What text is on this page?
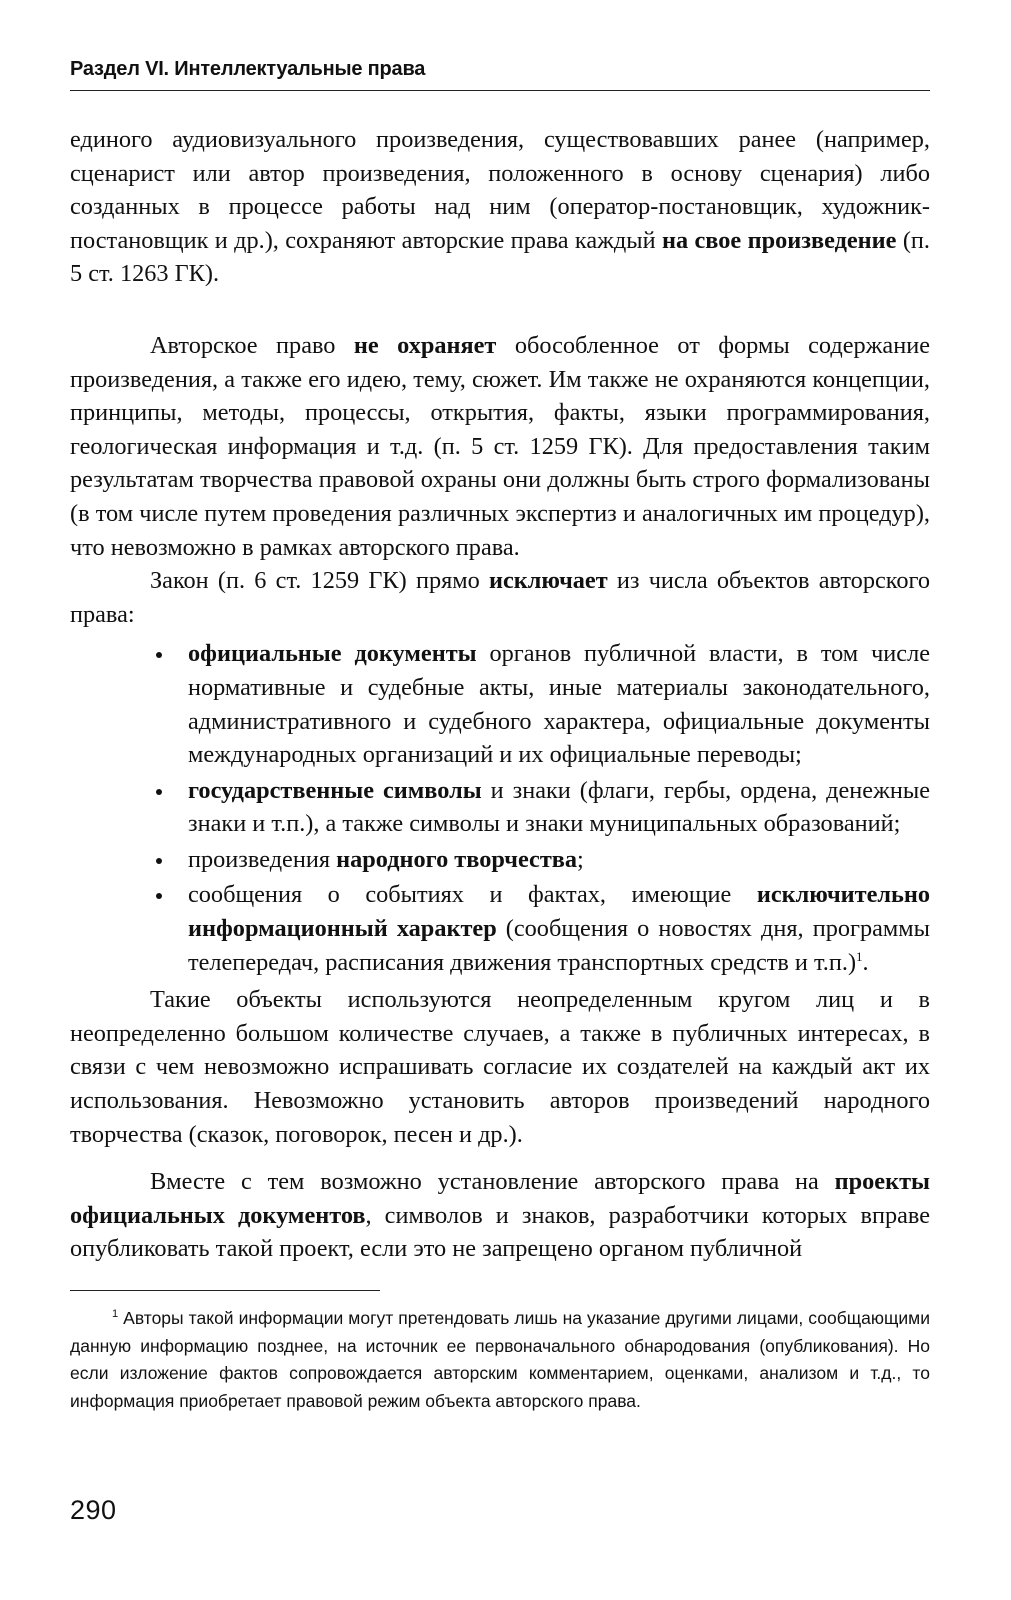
Раздел VI. Интеллектуальные права

единого аудиовизуального произведения, существовавших ранее (например, сценарист или автор произведения, положенного в основу сценария) либо созданных в процессе работы над ним (оператор-постановщик, художник-постановщик и др.), сохраняют авторские права каждый на свое произведение (п. 5 ст. 1263 ГК).

Авторское право не охраняет обособленное от формы содержание произведения, а также его идею, тему, сюжет. Им также не охраняются концепции, принципы, методы, процессы, открытия, факты, языки программирования, геологическая информация и т.д. (п. 5 ст. 1259 ГК). Для предоставления таким результатам творчества правовой охраны они должны быть строго формализованы (в том числе путем проведения различных экспертиз и аналогичных им процедур), что невозможно в рамках авторского права.

Закон (п. 6 ст. 1259 ГК) прямо исключает из числа объектов авторского права:

официальные документы органов публичной власти, в том числе нормативные и судебные акты, иные материалы законодательного, административного и судебного характера, официальные документы международных организаций и их официальные переводы;
государственные символы и знаки (флаги, гербы, ордена, денежные знаки и т.п.), а также символы и знаки муниципальных образований;
произведения народного творчества;
сообщения о событиях и фактах, имеющие исключительно информационный характер (сообщения о новостях дня, программы телепередач, расписания движения транспортных средств и т.п.)$^1$.

Такие объекты используются неопределенным кругом лиц и в неопределенно большом количестве случаев, а также в публичных интересах, в связи с чем невозможно испрашивать согласие их создателей на каждый акт их использования. Невозможно установить авторов произведений народного творчества (сказок, поговорок, песен и др.).

Вместе с тем возможно установление авторского права на проекты официальных документов, символов и знаков, разработчики которых вправе опубликовать такой проект, если это не запрещено органом публичной

$^1$ Авторы такой информации могут претендовать лишь на указание другими лицами, сообщающими данную информацию позднее, на источник ее первоначального обнародования (опубликования). Но если изложение фактов сопровождается авторским комментарием, оценками, анализом и т.д., то информация приобретает правовой режим объекта авторского права.
290
